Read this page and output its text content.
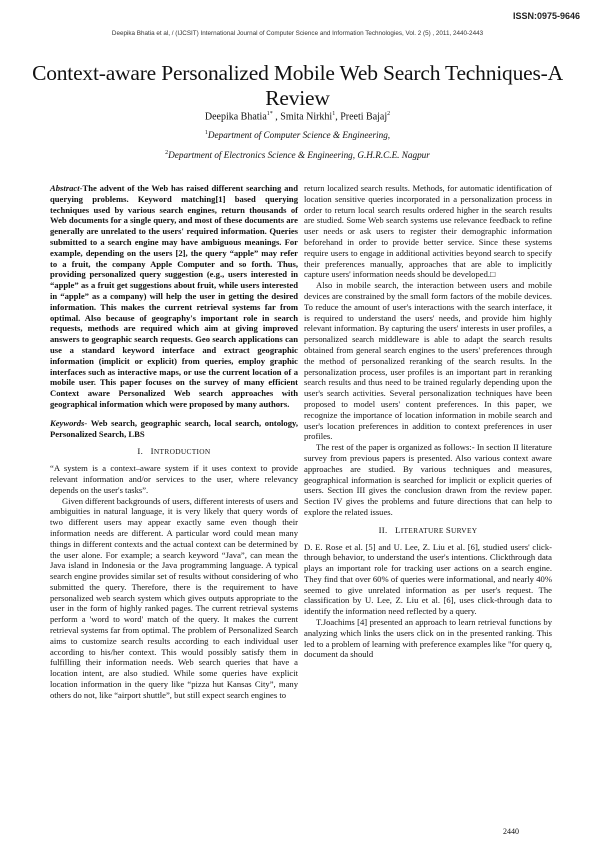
ISSN:0975-9646
Deepika Bhatia et al, / (IJCSIT) International Journal of Computer Science and Information Technologies, Vol. 2 (5) , 2011, 2440-2443
Context-aware Personalized Mobile Web Search Techniques-A Review
Deepika Bhatia$^{1*}$ , Smita Nirkhi$^1$, Preeti Bajaj$^2$
$^1$Department of Computer Science & Engineering,
$^2$Department of Electronics Science & Engineering, G.H.R.C.E. Nagpur

Abstract-The advent of the Web has raised different searching and querying problems. Keyword matching[1] based querying techniques used by various search engines, return thousands of Web documents for a single query, and most of these documents are generally are unrelated to the users' required information. Queries submitted to a search engine may have ambiguous meanings. For example, depending on the users [2], the query “apple” may refer to a fruit, the company Apple Computer and so forth. Thus, providing personalized query suggestion (e.g., users interested in “apple” as a fruit get suggestions about fruit, while users interested in “apple” as a company) will help the user in getting the desired information. This makes the current retrieval systems far from optimal. Also because of geography's important role in search requests, methods are required which aim at giving improved answers to geographic search requests. Geo search applications can use a standard keyword interface and extract geographic information (implicit or explicit) from queries, employ graphic interfaces such as interactive maps, or use the current location of a mobile user. This paper focuses on the survey of many efficient Context aware Personalized Web search approaches with geographical information which were proposed by many authors.

Keywords- Web search, geographic search, local search, ontology, Personalized Search, LBS

I. INTRODUCTION

“A system is a context–aware system if it uses context to provide relevant information and/or services to the user, where relevancy depends on the user's tasks”.

Given different backgrounds of users, different interests of users and ambiguities in natural language, it is very likely that query words of two different users may appear exactly same even though their information needs are different. A particular word could mean many things in different contexts and the actual context can be determined by the user alone. For example; a search keyword “Java”, can mean the Java island in Indonesia or the Java programming language. A typical search engine provides similar set of results without considering of who submitted the query. Therefore, there is the requirement to have personalized web search system which gives outputs appropriate to the user in the form of highly ranked pages. The current retrieval systems perform a 'word to word' match of the query. It makes the current retrieval systems far from optimal. The problem of Personalized Search aims to customize search results according to each individual user according to his/her context. This would possibly satisfy them in fulfilling their information needs. Web search queries that have a location intent, are also studied. While some queries have explicit location information in the query like “pizza hut Kansas City”, many others do not, like “airport shuttle”, but still expect search engines to

return localized search results. Methods, for automatic identification of location sensitive queries incorporated in a personalization process in order to return local search results ordered higher in the search results are studied. Some Web search systems use relevance feedback to refine user needs or ask users to register their demographic information beforehand in order to provide better service. Since these systems require users to engage in additional activities beyond search to specify their preferences manually, approaches that are able to implicitly capture users' information needs should be developed.□

Also in mobile search, the interaction between users and mobile devices are constrained by the small form factors of the mobile devices. To reduce the amount of user's interactions with the search interface, it is required to understand the users' needs, and provide him highly relevant information. By capturing the users' interests in user profiles, a personalized search middleware is able to adapt the search results obtained from general search engines to the users' preferences through the method of personalized reranking of the search results. In the personalization process, user profiles is an important part in reranking search results and thus need to be trained regularly depending upon the user's search activities. Several personalization techniques have been proposed to model users' content preferences. In this paper, we recognize the importance of location information in mobile search and user's location preferences in addition to context preferences in user profiles.

The rest of the paper is organized as follows:- In section II literature survey from previous papers is presented. Also various context aware approaches are studied. By various techniques and measures, geographical information is searched for implicit or explicit queries of users. Section III gives the conclusion drawn from the review paper. Section IV gives the problems and future directions that can help to explore the related issues.

II. LITERATURE SURVEY

D. E. Rose et al. [5] and U. Lee, Z. Liu et al. [6], studied users' click-through behavior, to understand the user's intentions. Clickthrough data plays an important role for tracking user actions on a search engine. They find that over 60% of queries were informational, and nearly 40% seemed to give unrelated information as per user's request. The classification by U. Lee, Z. Liu et al. [6], uses click-through data to identify the information need reflected by a query.

T.Joachims [4] presented an approach to learn retrieval functions by analyzing which links the users click on in the presented ranking. This led to a problem of learning with preference examples like "for query q, document da should

2440
